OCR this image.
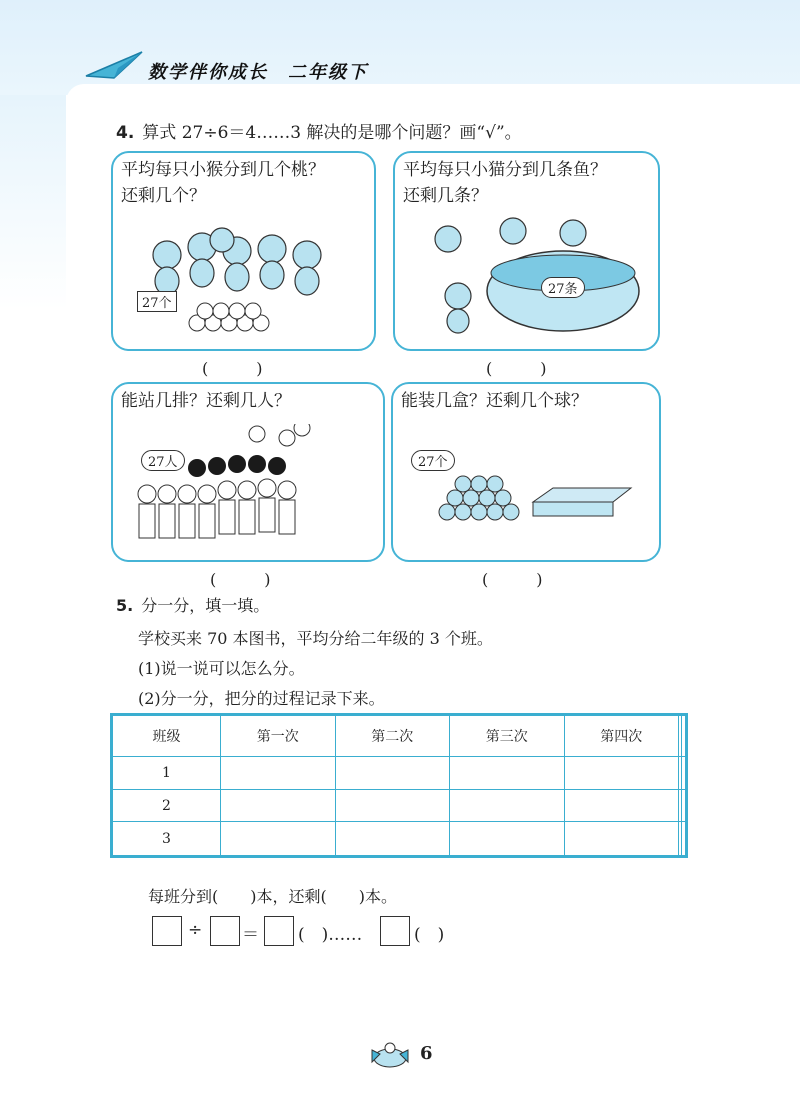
数学伴你成长　二年级下
4. 算式 27÷6＝4……3 解决的是哪个问题？画“√”。
平均每只小猴分到几个桃？
还剩几个？
27个
(　　　)
平均每只小猫分到几条鱼？
还剩几条？
27条
(　　　)
能站几排？还剩几人？
27人
(　　　)
能装几盒？还剩几个球？
27个
(　　　)
5. 分一分，填一填。
学校买来 70 本图书，平均分给二年级的 3 个班。
(1)说一说可以怎么分。
(2)分一分，把分的过程记录下来。
班级	第一次	第二次	第三次	第四次		
1						
2						
3						
每班分到(　　)本，还剩(　　)本。
÷ ＝ (　)……	(　)
6
